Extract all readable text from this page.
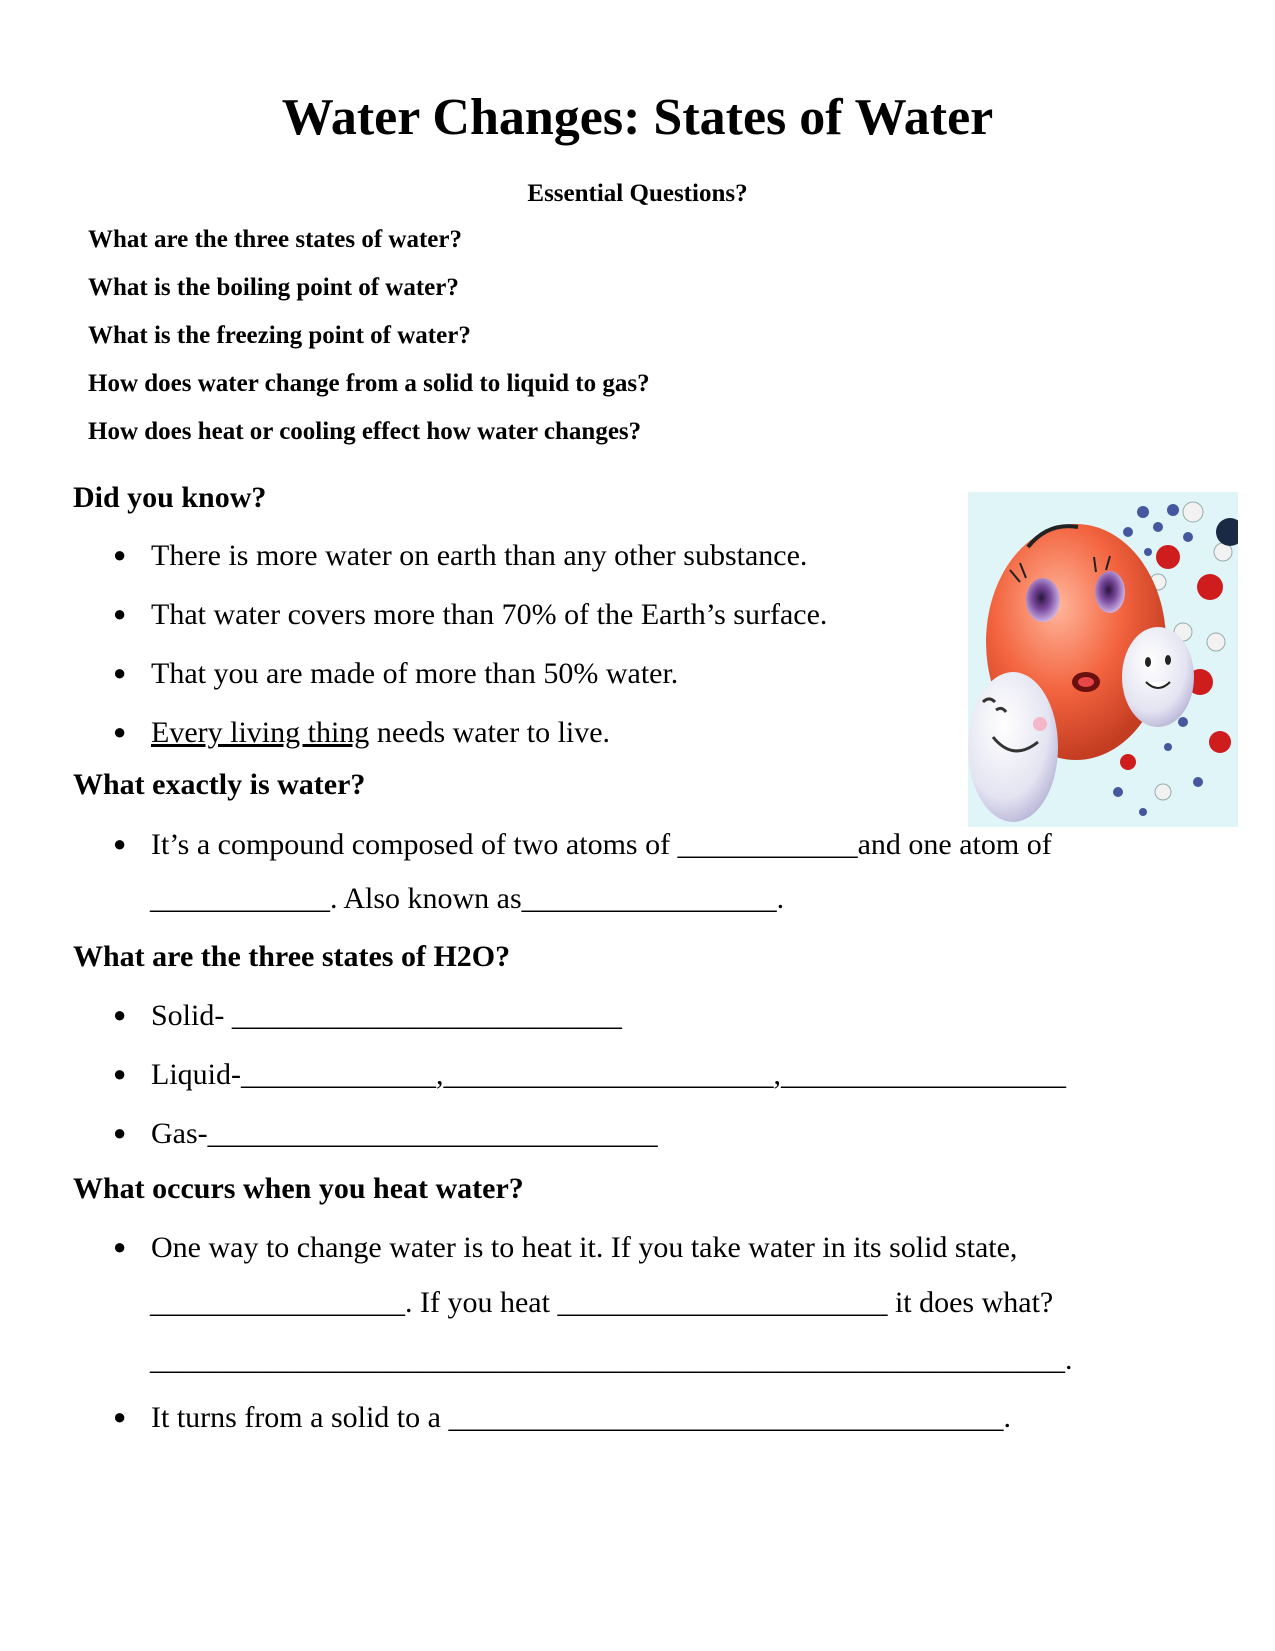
Water Changes: States of Water
Essential Questions?
What are the three states of water?
What is the boiling point of water?
What is the freezing point of water?
How does water change from a solid to liquid to gas?
How does heat or cooling effect how water changes?
Did you know?
● There is more water on earth than any other substance.
● That water covers more than 70% of the Earth’s surface.
● That you are made of more than 50% water.
● Every living thing needs water to live.
What exactly is water?
● It’s a compound composed of two atoms of ____________and one atom of
____________. Also known as_________________.
What are the three states of H2O?
● Solid- __________________________
● Liquid-_____________,______________________,___________________
● Gas-______________________________
What occurs when you heat water?
● One way to change water is to heat it. If you take water in its solid state,
_________________. If you heat ______________________ it does what?
_____________________________________________________________.
● It turns from a solid to a _____________________________________.
